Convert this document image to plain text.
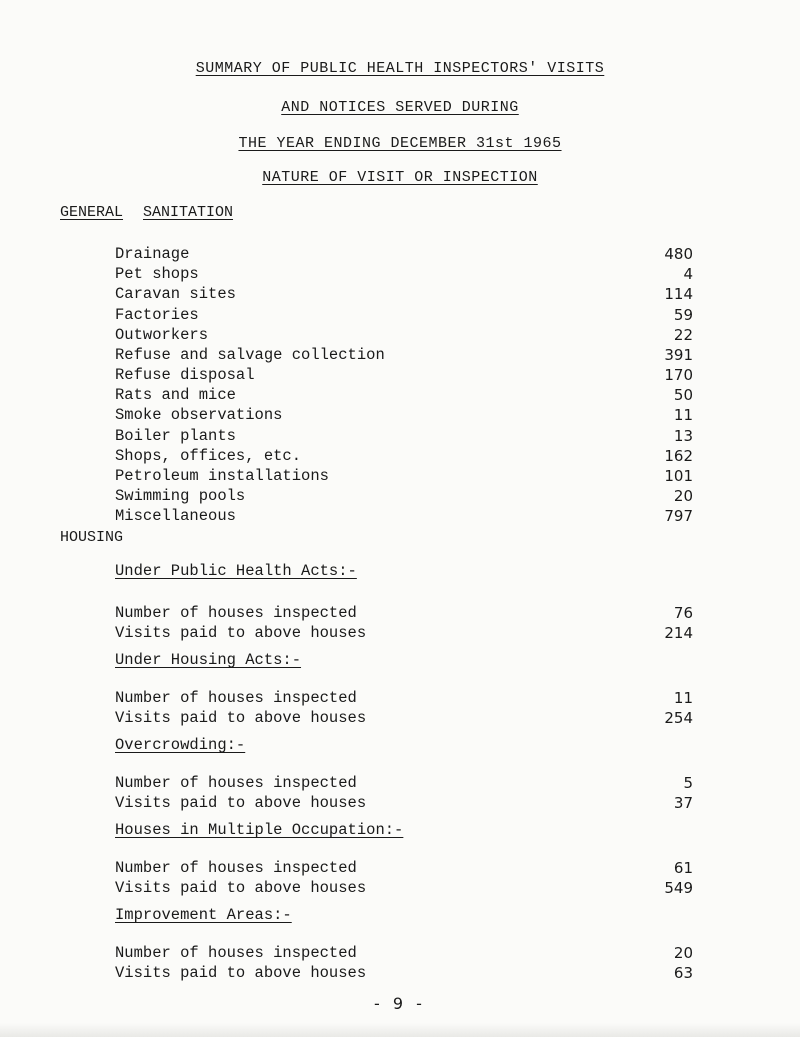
SUMMARY OF PUBLIC HEALTH INSPECTORS' VISITS
AND NOTICES SERVED DURING
THE YEAR ENDING DECEMBER 31st 1965
NATURE OF VISIT OR INSPECTION
GENERAL SANITATION
Drainage	480
Pet shops	4
Caravan sites	114
Factories	59
Outworkers	22
Refuse and salvage collection	391
Refuse disposal	170
Rats and mice	50
Smoke observations	11
Boiler plants	13
Shops, offices, etc.	162
Petroleum installations	101
Swimming pools	20
Miscellaneous	797
HOUSING
Under Public Health Acts:-
Number of houses inspected	76
Visits paid to above houses	214
Under Housing Acts:-
Number of houses inspected	11
Visits paid to above houses	254
Overcrowding:-
Number of houses inspected	5
Visits paid to above houses	37
Houses in Multiple Occupation:-
Number of houses inspected	61
Visits paid to above houses	549
Improvement Areas:-
Number of houses inspected	20
Visits paid to above houses	63
- 9 -
